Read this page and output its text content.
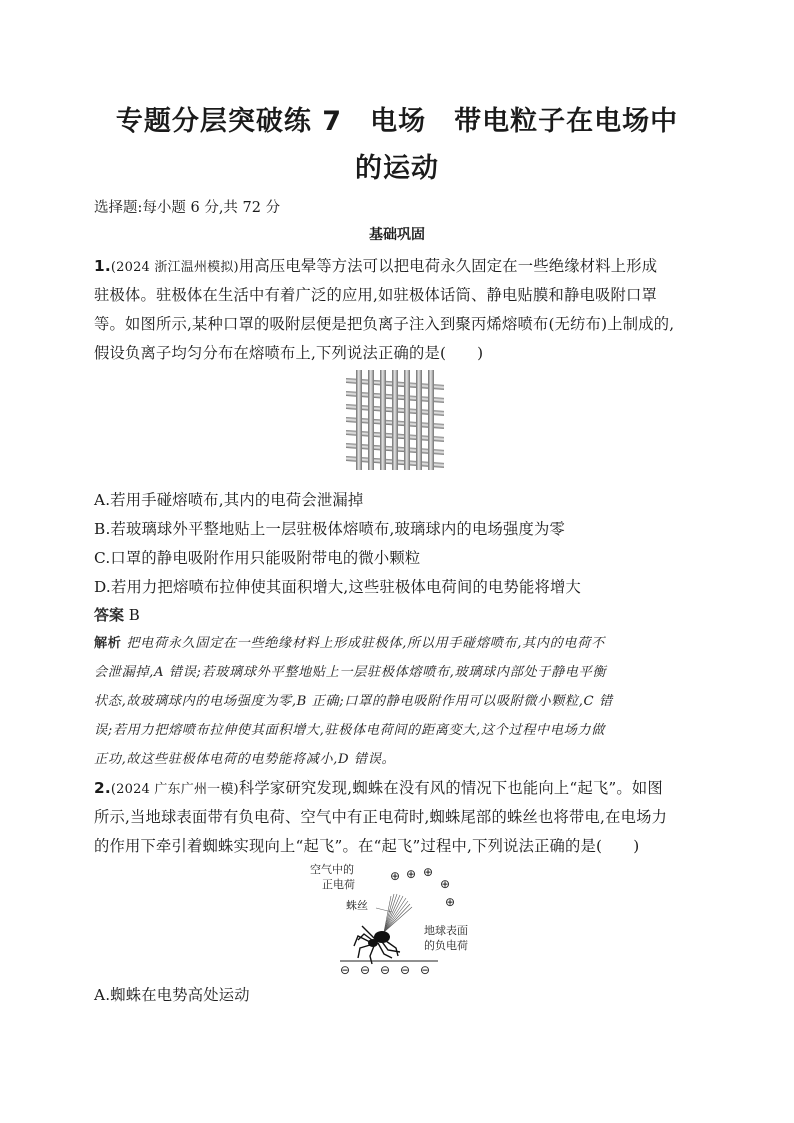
专题分层突破练 7　电场　带电粒子在电场中
的运动
选择题:每小题 6 分,共 72 分
基础巩固
1.(2024 浙江温州模拟)用高压电晕等方法可以把电荷永久固定在一些绝缘材料上形成
驻极体。驻极体在生活中有着广泛的应用,如驻极体话筒、静电贴膜和静电吸附口罩
等。如图所示,某种口罩的吸附层便是把负离子注入到聚丙烯熔喷布(无纺布)上制成的,
假设负离子均匀分布在熔喷布上,下列说法正确的是(　　)
A.若用手碰熔喷布,其内的电荷会泄漏掉
B.若玻璃球外平整地贴上一层驻极体熔喷布,玻璃球内的电场强度为零
C.口罩的静电吸附作用只能吸附带电的微小颗粒
D.若用力把熔喷布拉伸使其面积增大,这些驻极体电荷间的电势能将增大
答案 B
解析 把电荷永久固定在一些绝缘材料上形成驻极体,所以用手碰熔喷布,其内的电荷不
会泄漏掉,A 错误;若玻璃球外平整地贴上一层驻极体熔喷布,玻璃球内部处于静电平衡
状态,故玻璃球内的电场强度为零,B 正确;口罩的静电吸附作用可以吸附微小颗粒,C 错
误;若用力把熔喷布拉伸使其面积增大,驻极体电荷间的距离变大,这个过程中电场力做
正功,故这些驻极体电荷的电势能将减小,D 错误。
2.(2024 广东广州一模)科学家研究发现,蜘蛛在没有风的情况下也能向上“起飞”。如图
所示,当地球表面带有负电荷、空气中有正电荷时,蜘蛛尾部的蛛丝也将带电,在电场力
的作用下牵引着蜘蛛实现向上“起飞”。在“起飞”过程中,下列说法正确的是(　　)
空气中的
正电荷
蛛丝
地球表面
的负电荷
⊕ ⊕ ⊕
⊕
⊕
⊖ ⊖ ⊖ ⊖ ⊖
A.蜘蛛在电势高处运动
